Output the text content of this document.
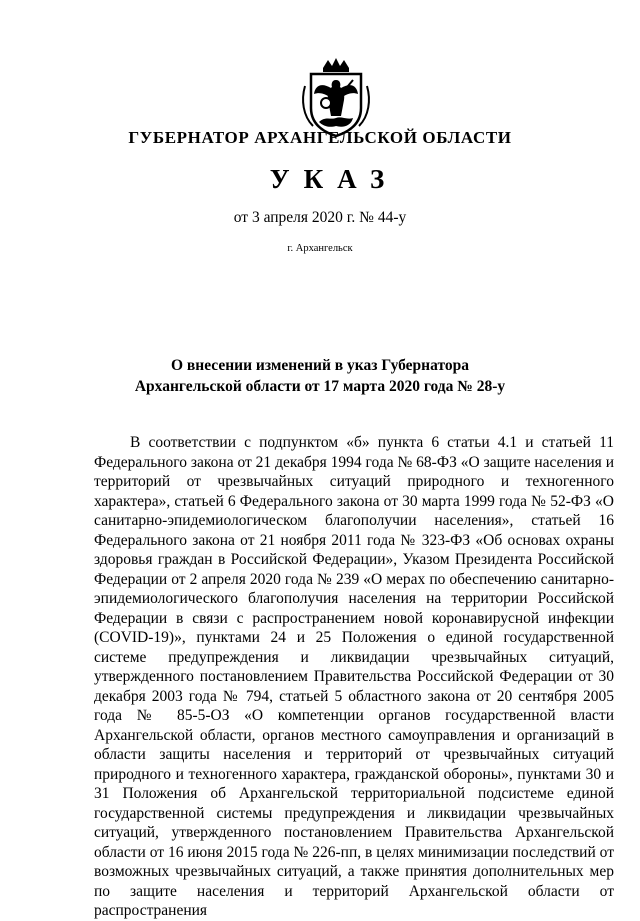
ГУБЕРНАТОР АРХАНГЕЛЬСКОЙ ОБЛАСТИ
УКАЗ
от 3 апреля 2020 г. № 44-у
г. Архангельск
О внесении изменений в указ Губернатора
Архангельской области от 17 марта 2020 года № 28-у
В соответствии с подпунктом «б» пункта 6 статьи 4.1 и статьей 11 Федерального закона от 21 декабря 1994 года № 68-ФЗ «О защите населения и территорий от чрезвычайных ситуаций природного и техногенного характера», статьей 6 Федерального закона от 30 марта 1999 года № 52-ФЗ «О санитарно-эпидемиологическом благополучии населения», статьей 16 Федерального закона от 21 ноября 2011 года № 323-ФЗ «Об основах охраны здоровья граждан в Российской Федерации», Указом Президента Российской Федерации от 2 апреля 2020 года № 239 «О мерах по обеспечению санитарно-эпидемиологического благополучия населения на территории Российской Федерации в связи с распространением новой коронавирусной инфекции (COVID-19)», пунктами 24 и 25 Положения о единой государственной системе предупреждения и ликвидации чрезвычайных ситуаций, утвержденного постановлением Правительства Российской Федерации от 30 декабря 2003 года № 794, статьей 5 областного закона от 20 сентября 2005 года № 85-5-ОЗ «О компетенции органов государственной власти Архангельской области, органов местного самоуправления и организаций в области защиты населения и территорий от чрезвычайных ситуаций природного и техногенного характера, гражданской обороны», пунктами 30 и 31 Положения об Архангельской территориальной подсистеме единой государственной системы предупреждения и ликвидации чрезвычайных ситуаций, утвержденного постановлением Правительства Архангельской области от 16 июня 2015 года № 226-пп, в целях минимизации последствий от возможных чрезвычайных ситуаций, а также принятия дополнительных мер по защите населения и территорий Архангельской области от распространения
